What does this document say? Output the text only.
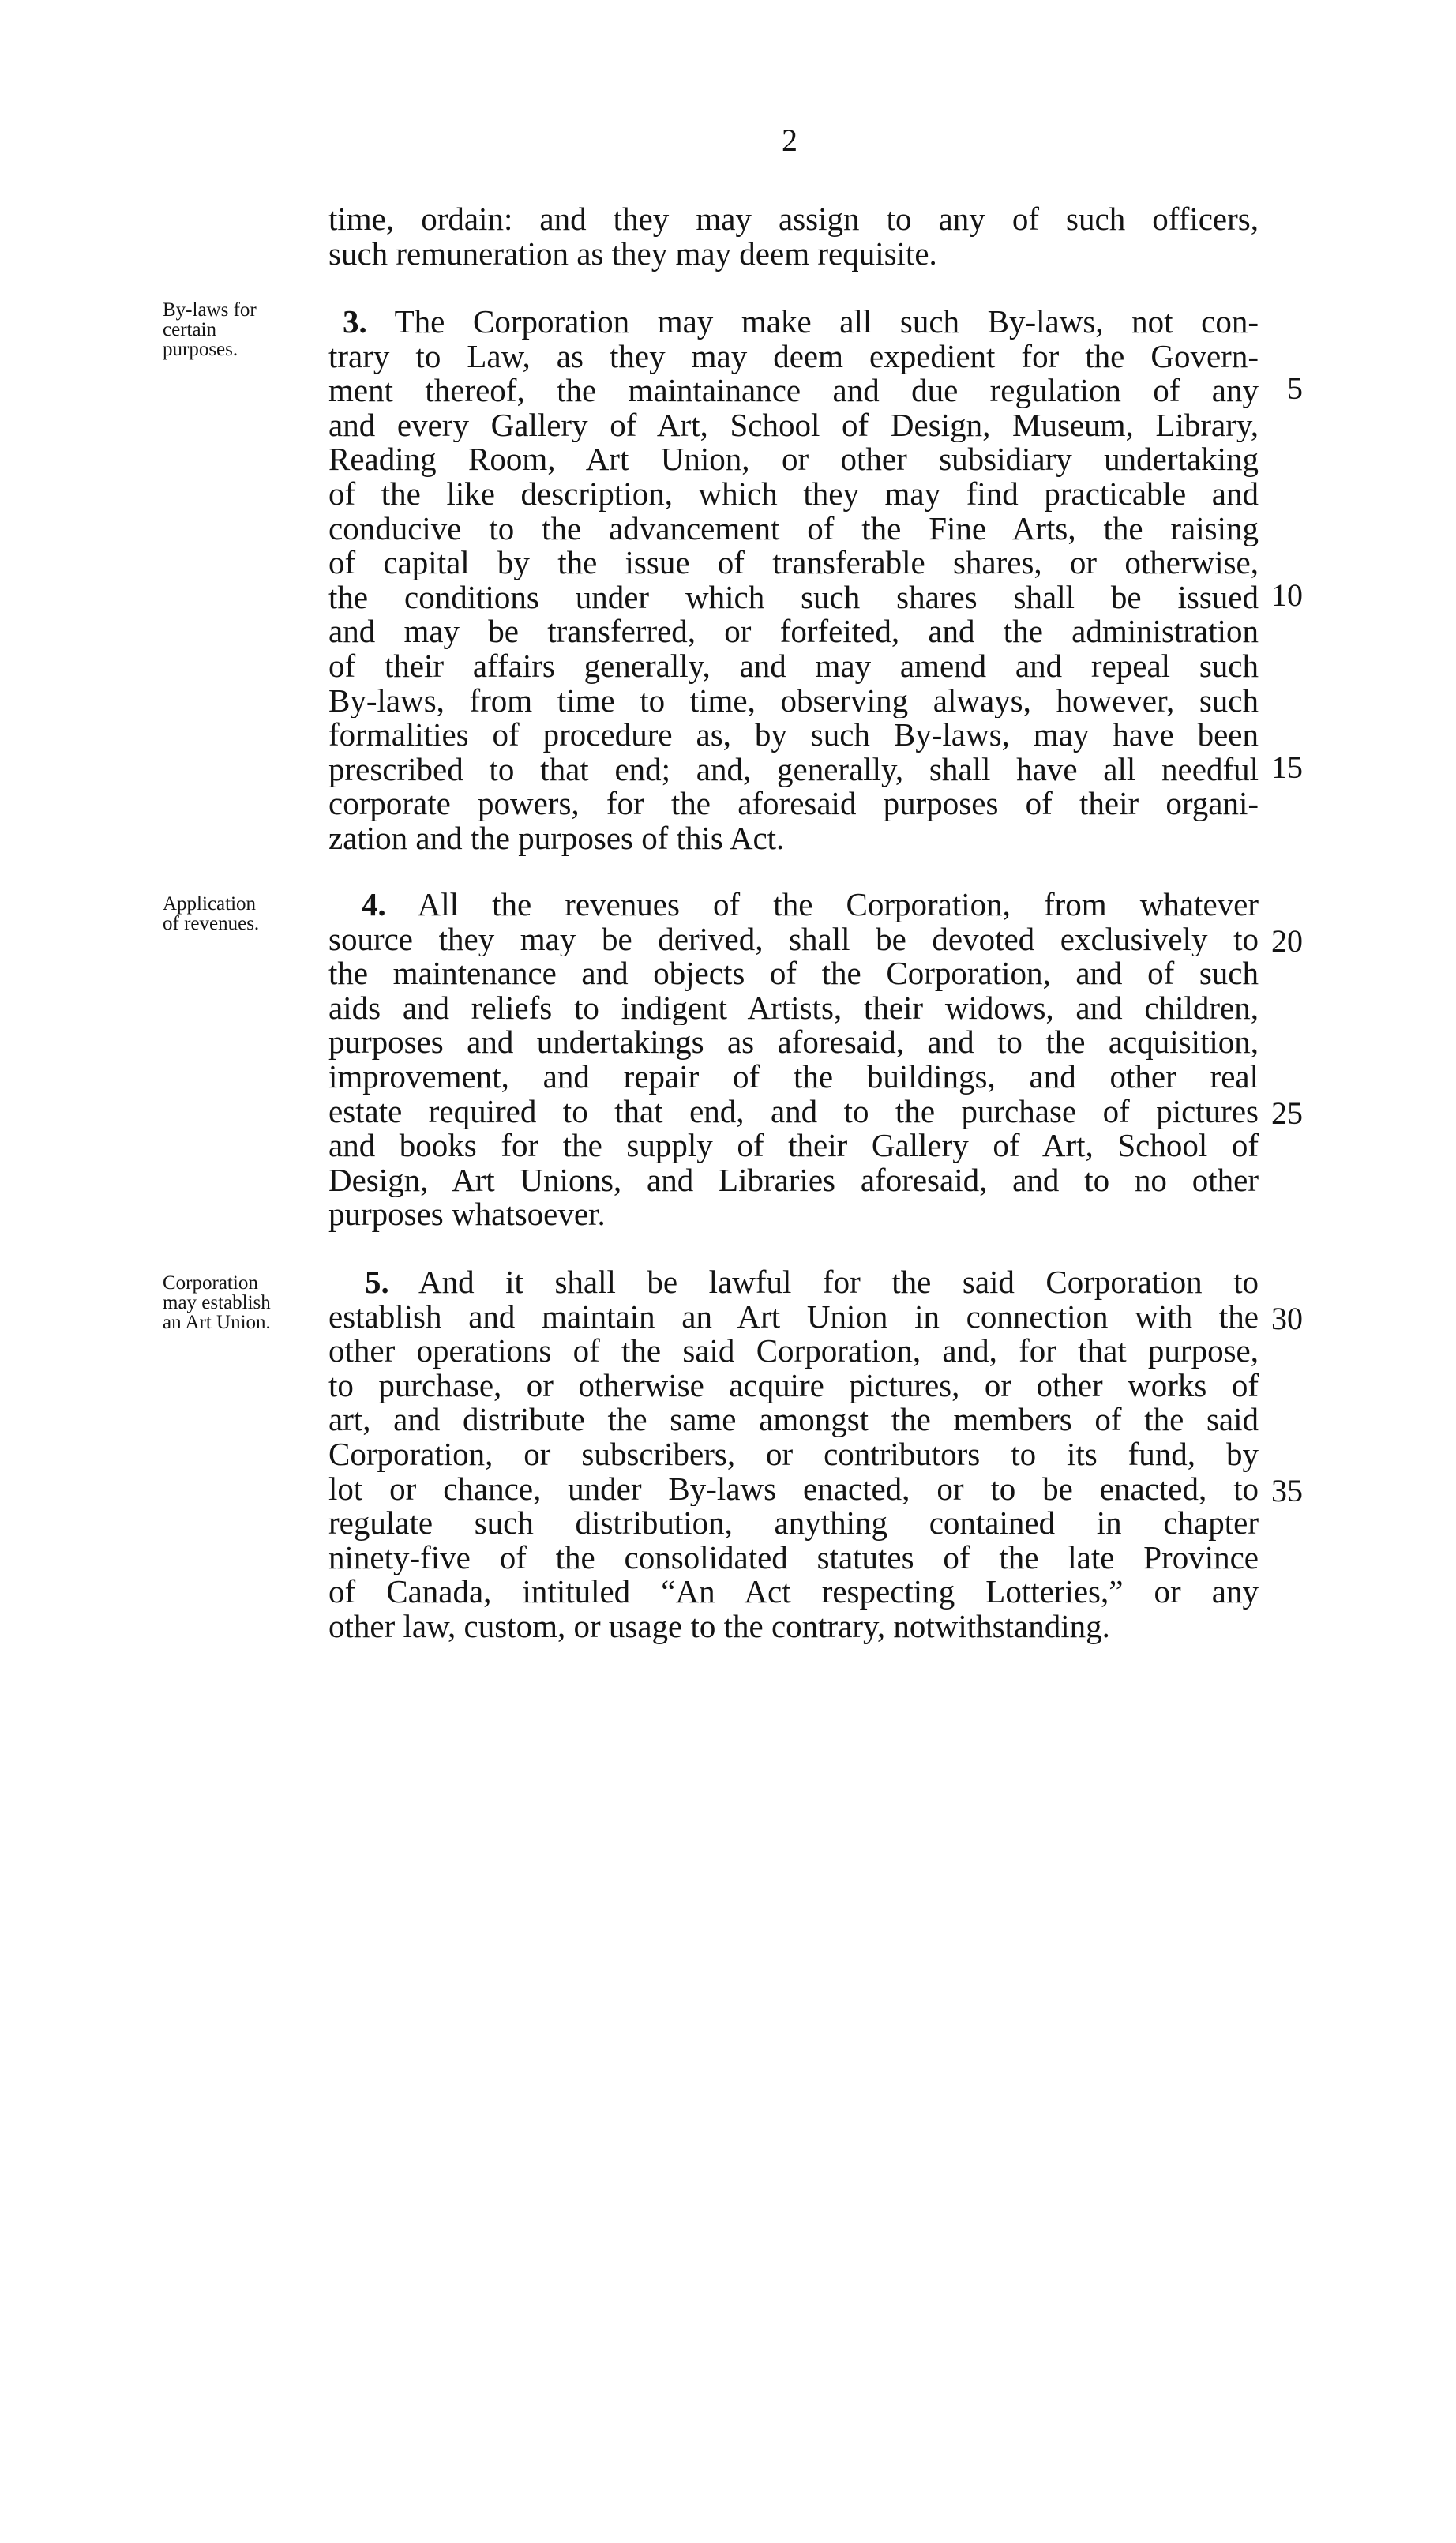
2
time, ordain: and they may assign to any of such officers,
such remuneration as they may deem requisite.
By-laws for
certain
purposes.
3. The Corporation may make all such By-laws, not con-
trary to Law, as they may deem expedient for the Govern-
ment thereof, the maintainance and due regulation of any
and every Gallery of Art, School of Design, Museum, Library,
Reading Room, Art Union, or other subsidiary undertaking
of the like description, which they may find practicable and
conducive to the advancement of the Fine Arts, the raising
of capital by the issue of transferable shares, or otherwise,
the conditions under which such shares shall be issued
and may be transferred, or forfeited, and the administration
of their affairs generally, and may amend and repeal such
By-laws, from time to time, observing always, however, such
formalities of procedure as, by such By-laws, may have been
prescribed to that end; and, generally, shall have all needful
corporate powers, for the aforesaid purposes of their organi-
zation and the purposes of this Act.
Application
of revenues.
4. All the revenues of the Corporation, from whatever
source they may be derived, shall be devoted exclusively to
the maintenance and objects of the Corporation, and of such
aids and reliefs to indigent Artists, their widows, and children,
purposes and undertakings as aforesaid, and to the acquisition,
improvement, and repair of the buildings, and other real
estate required to that end, and to the purchase of pictures
and books for the supply of their Gallery of Art, School of
Design, Art Unions, and Libraries aforesaid, and to no other
purposes whatsoever.
Corporation
may establish
an Art Union.
5. And it shall be lawful for the said Corporation to
establish and maintain an Art Union in connection with the
other operations of the said Corporation, and, for that purpose,
to purchase, or otherwise acquire pictures, or other works of
art, and distribute the same amongst the members of the said
Corporation, or subscribers, or contributors to its fund, by
lot or chance, under By-laws enacted, or to be enacted, to
regulate such distribution, anything contained in chapter
ninety-five of the consolidated statutes of the late Province
of Canada, intituled “An Act respecting Lotteries,” or any
other law, custom, or usage to the contrary, notwithstanding.
5
10
15
20
25
30
35
